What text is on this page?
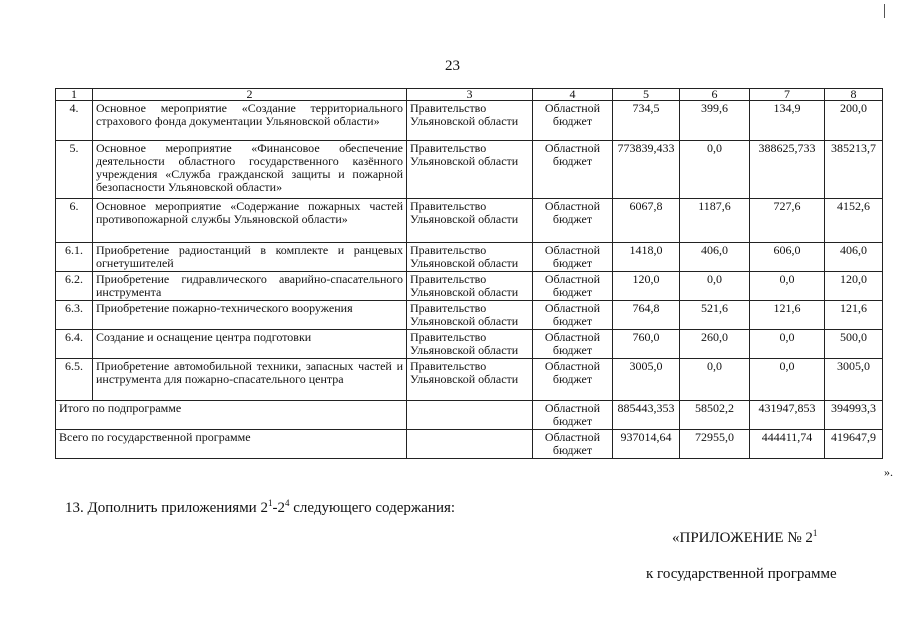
23
1	2	3	4	5	6	7	8
4.	Основное мероприятие «Создание территориального страхового фонда документации Ульяновской области»	Правительство Ульяновской области	Областной бюджет	734,5	399,6	134,9	200,0
5.	Основное мероприятие «Финансовое обеспечение деятельности областного государственного казённого учреждения «Служба гражданской защиты и пожарной безопасности Ульяновской области»	Правительство Ульяновской области	Областной бюджет	773839,433	0,0	388625,733	385213,7
6.	Основное мероприятие «Содержание пожарных частей противопожарной службы Ульяновской области»	Правительство Ульяновской области	Областной бюджет	6067,8	1187,6	727,6	4152,6
6.1.	Приобретение радиостанций в комплекте и ранцевых огнетушителей	Правительство Ульяновской области	Областной бюджет	1418,0	406,0	606,0	406,0
6.2.	Приобретение гидравлического аварийно-спасательного инструмента	Правительство Ульяновской области	Областной бюджет	120,0	0,0	0,0	120,0
6.3.	Приобретение пожарно-технического вооружения	Правительство Ульяновской области	Областной бюджет	764,8	521,6	121,6	121,6
6.4.	Создание и оснащение центра подготовки	Правительство Ульяновской области	Областной бюджет	760,0	260,0	0,0	500,0
6.5.	Приобретение автомобильной техники, запасных частей и инструмента для пожарно-спасательного центра	Правительство Ульяновской области	Областной бюджет	3005,0	0,0	0,0	3005,0
Итого по подпрограмме			Областной бюджет	885443,353	58502,2	431947,853	394993,3
Всего по государственной программе			Областной бюджет	937014,64	72955,0	444411,74	419647,9
».
13. Дополнить приложениями $2^1-2^4$ следующего содержания:
«ПРИЛОЖЕНИЕ № $2^1$
к государственной программе
